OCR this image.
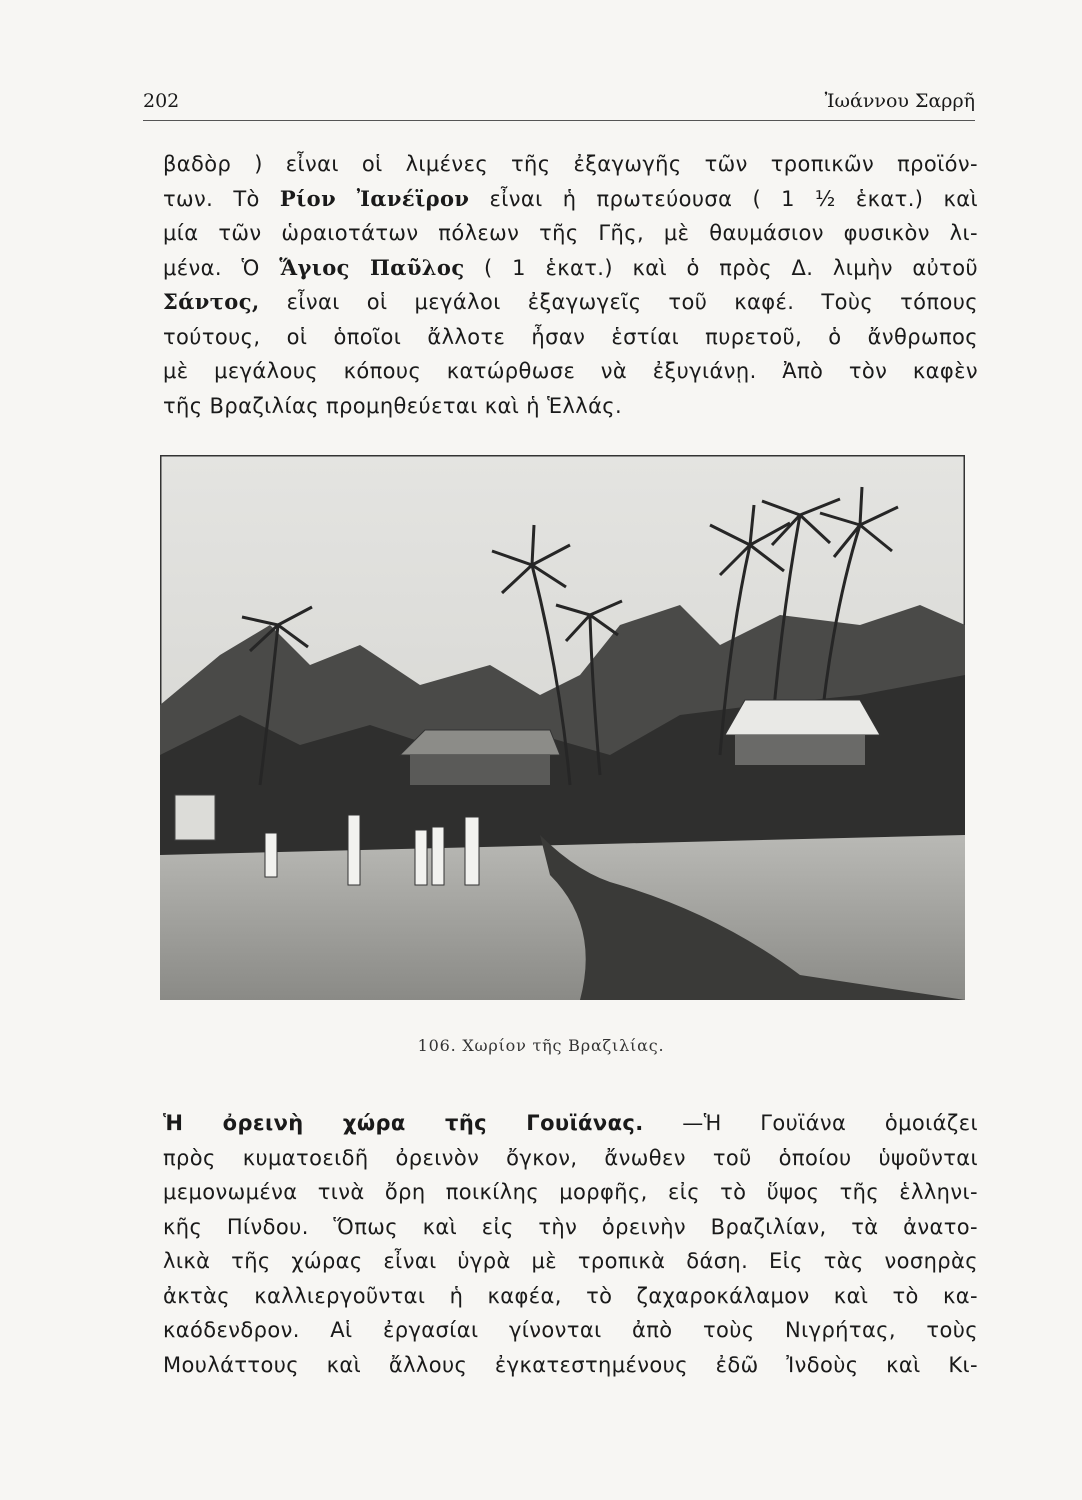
202	Ἰωάννου Σαρρῆ
βαδὸρ ) εἶναι οἱ λιμένες τῆς ἐξαγωγῆς τῶν τροπικῶν προϊόν-
των. Τὸ Ρίον Ἰανέϊρον εἶναι ἡ πρωτεύουσα ( 1 ½ ἑκατ.) καὶ
μία τῶν ὡραιοτάτων πόλεων τῆς Γῆς, μὲ θαυμάσιον φυσικὸν λι-
μένα. Ὁ Ἅγιος Παῦλος ( 1 ἑκατ.) καὶ ὁ πρὸς Δ. λιμὴν αὐτοῦ
Σάντος, εἶναι οἱ μεγάλοι ἐξαγωγεῖς τοῦ καφέ. Τοὺς τόπους
τούτους, οἱ ὁποῖοι ἄλλοτε ἦσαν ἑστίαι πυρετοῦ, ὁ ἄνθρωπος
μὲ μεγάλους κόπους κατώρθωσε νὰ ἐξυγιάνῃ. Ἀπὸ τὸν καφὲν
τῆς Βραζιλίας προμηθεύεται καὶ ἡ Ἑλλάς.
106. Χωρίον τῆς Βραζιλίας.
Ἡ ὀρεινὴ χώρα τῆς Γουϊάνας. —Ἡ Γουϊάνα ὁμοιάζει
πρὸς κυματοειδῆ ὀρεινὸν ὄγκον, ἄνωθεν τοῦ ὁποίου ὑψοῦνται
μεμονωμένα τινὰ ὄρη ποικίλης μορφῆς, εἰς τὸ ὕψος τῆς ἑλληνι-
κῆς Πίνδου. Ὅπως καὶ εἰς τὴν ὀρεινὴν Βραζιλίαν, τὰ ἀνατο-
λικὰ τῆς χώρας εἶναι ὑγρὰ μὲ τροπικὰ δάση. Εἰς τὰς νοσηρὰς
ἀκτὰς καλλιεργοῦνται ἡ καφέα, τὸ ζαχαροκάλαμον καὶ τὸ κα-
καόδενδρον. Αἱ ἐργασίαι γίνονται ἀπὸ τοὺς Νιγρήτας, τοὺς
Μουλάττους καὶ ἄλλους ἐγκατεστημένους ἐδῶ Ἰνδοὺς καὶ Κι-
